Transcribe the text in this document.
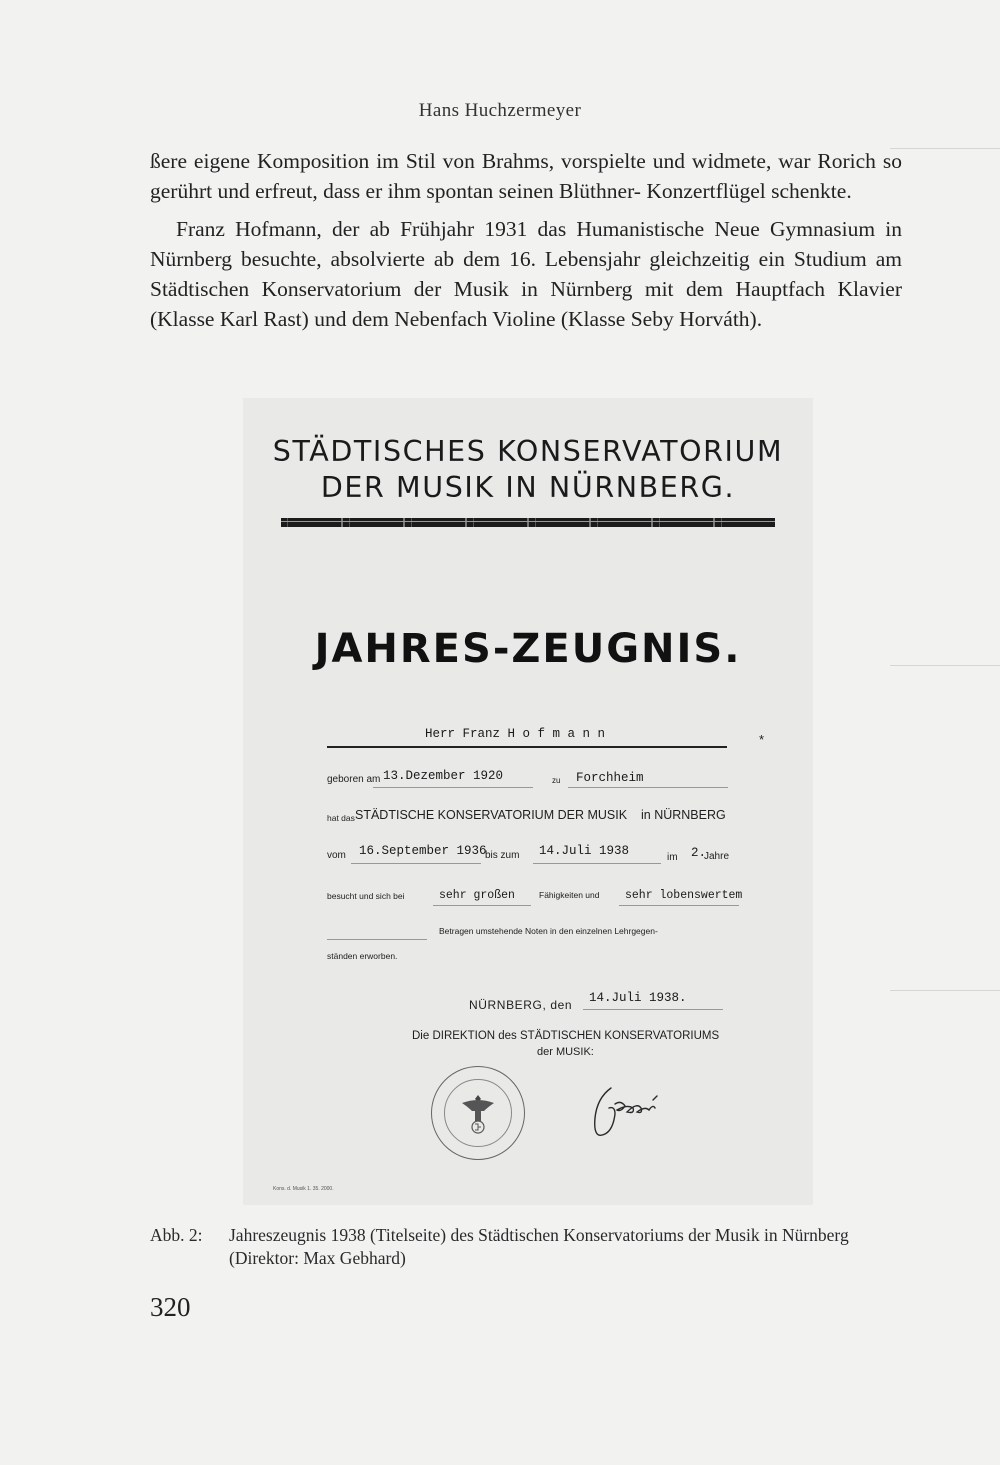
Hans Huchzermeyer

ßere eigene Komposition im Stil von Brahms, vorspielte und widmete, war Rorich so gerührt und erfreut, dass er ihm spontan seinen Blüthner- Konzertflügel schenkte.

Franz Hofmann, der ab Frühjahr 1931 das Humanistische Neue Gymnasium in Nürnberg besuchte, absolvierte ab dem 16. Lebensjahr gleichzeitig ein Studium am Städtischen Konservatorium der Musik in Nürnberg mit dem Hauptfach Klavier (Klasse Karl Rast) und dem Nebenfach Violine (Klasse Seby Horváth).

STÄDTISCHES KONSERVATORIUM
DER MUSIK IN NÜRNBERG.
JAHRES-ZEUGNIS.
Herr Franz H o f m a n n	*
geboren am 13.Dezember 1920	zu Forchheim
hat das STÄDTISCHE KONSERVATORIUM DER MUSIK in NÜRNBERG
vom 16.September 1936
bis zum 14.Juli 1938	im 2.
Jahre
besucht und sich bei	sehr großen	Fähigkeiten und sehr lobenswertem
Betragen umstehende Noten in den einzelnen Lehrgegen-
ständen erworben.
NÜRNBERG, den 14.Juli 1938.
Die DIREKTION des STÄDTISCHEN KONSERVATORIUMS
der MUSIK:
Kons. d. Musik 1. 35. 2000.
Abb. 2: Jahreszeugnis 1938 (Titelseite) des Städtischen Konservatoriums der Musik in Nürnberg (Direktor: Max Gebhard)
320
